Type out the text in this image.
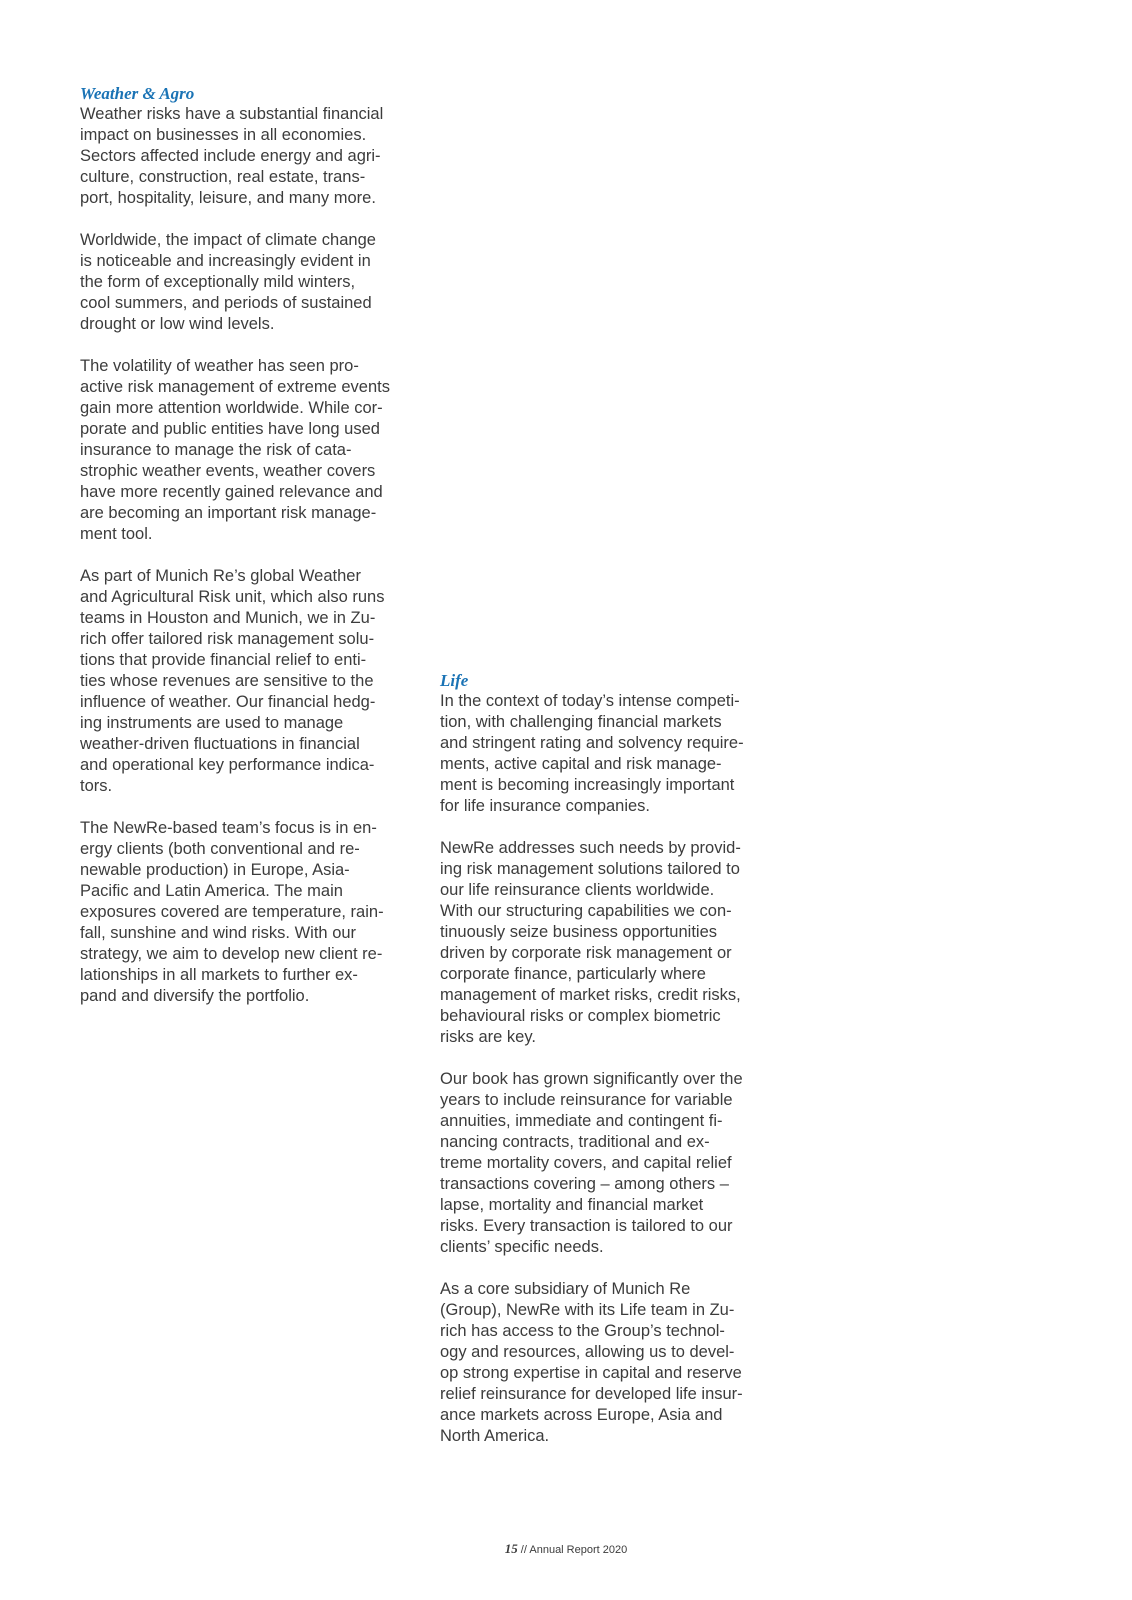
Weather & Agro

Weather risks have a substantial financial
impact on businesses in all economies.
Sectors affected include energy and agri-
culture, construction, real estate, trans-
port, hospitality, leisure, and many more.

Worldwide, the impact of climate change
is noticeable and increasingly evident in
the form of exceptionally mild winters,
cool summers, and periods of sustained
drought or low wind levels.

The volatility of weather has seen pro-
active risk management of extreme events
gain more attention worldwide. While cor-
porate and public entities have long used
insurance to manage the risk of cata-
strophic weather events, weather covers
have more recently gained relevance and
are becoming an important risk manage-
ment tool.

As part of Munich Re’s global Weather
and Agricultural Risk unit, which also runs
teams in Houston and Munich, we in Zu-
rich offer tailored risk management solu-
tions that provide financial relief to enti-
ties whose revenues are sensitive to the
influence of weather. Our financial hedg-
ing instruments are used to manage
weather-driven fluctuations in financial
and operational key performance indica-
tors.

The NewRe-based team’s focus is in en-
ergy clients (both conventional and re-
newable production) in Europe, Asia-
Pacific and Latin America. The main
exposures covered are temperature, rain-
fall, sunshine and wind risks. With our
strategy, we aim to develop new client re-
lationships in all markets to further ex-
pand and diversify the portfolio.

Life

In the context of today’s intense competi-
tion, with challenging financial markets
and stringent rating and solvency require-
ments, active capital and risk manage-
ment is becoming increasingly important
for life insurance companies.

NewRe addresses such needs by provid-
ing risk management solutions tailored to
our life reinsurance clients worldwide.
With our structuring capabilities we con-
tinuously seize business opportunities
driven by corporate risk management or
corporate finance, particularly where
management of market risks, credit risks,
behavioural risks or complex biometric
risks are key.

Our book has grown significantly over the
years to include reinsurance for variable
annuities, immediate and contingent fi-
nancing contracts, traditional and ex-
treme mortality covers, and capital relief
transactions covering – among others –
lapse, mortality and financial market
risks. Every transaction is tailored to our
clients’ specific needs.

As a core subsidiary of Munich Re
(Group), NewRe with its Life team in Zu-
rich has access to the Group’s technol-
ogy and resources, allowing us to devel-
op strong expertise in capital and reserve
relief reinsurance for developed life insur-
ance markets across Europe, Asia and
North America.

15 // Annual Report 2020
